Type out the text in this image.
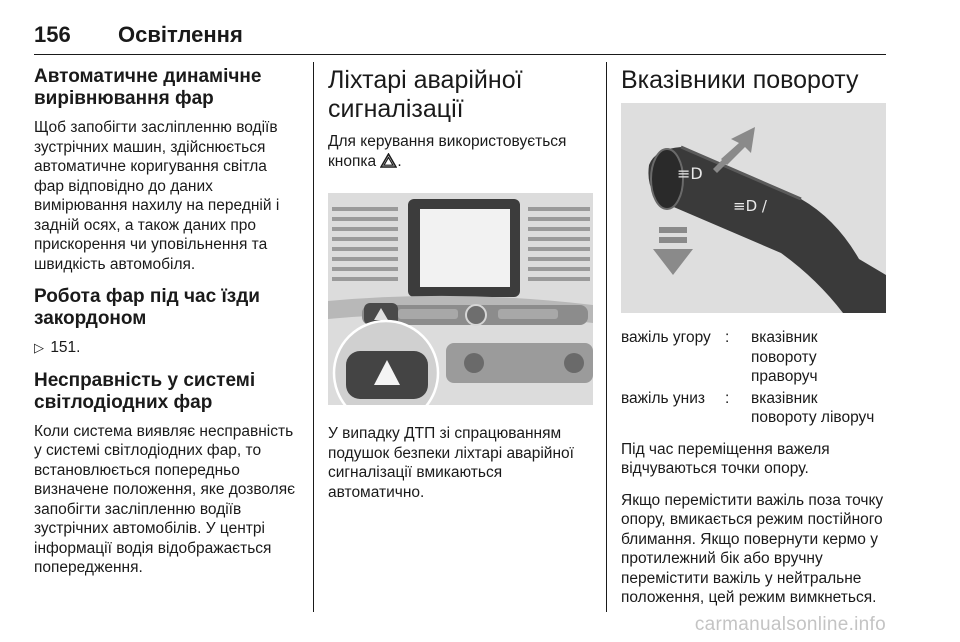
156 Освітлення
Автоматичне динамічне вирівнювання фар

Щоб запобігти засліпленню водіїв зустрічних машин, здійснюється автоматичне коригування світла фар відповідно до даних вимірювання нахилу на передній і задній осях, а також даних про прискорення чи уповільнення та швидкість автомобіля.

Робота фар під час їзди закордоном

▷ 151.

Несправність у системі світлодіодних фар

Коли система виявляє несправність у системі світлодіодних фар, то встановлюється попередньо визначене положення, яке дозволяє запобігти засліпленню водіїв зустрічних автомобілів. У центрі інформації водія відображається попередження.

Ліхтарі аварійної сигналізації

Для керування використовується кнопка .

У випадку ДТП зі спрацюванням подушок безпеки ліхтарі аварійної сигналізації вмикаються автоматично.

Вказівники повороту
≡D
≡D /
важіль угору	:	вказівник повороту праворуч
важіль униз	:	вказівник повороту ліворуч

Під час переміщення важеля відчуваються точки опору.

Якщо перемістити важіль поза точку опору, вмикається режим постійного блимання. Якщо повернути кермо у протилежний бік або вручну перемістити важіль у нейтральне положення, цей режим вимкнеться.

carmanualsonline.info
